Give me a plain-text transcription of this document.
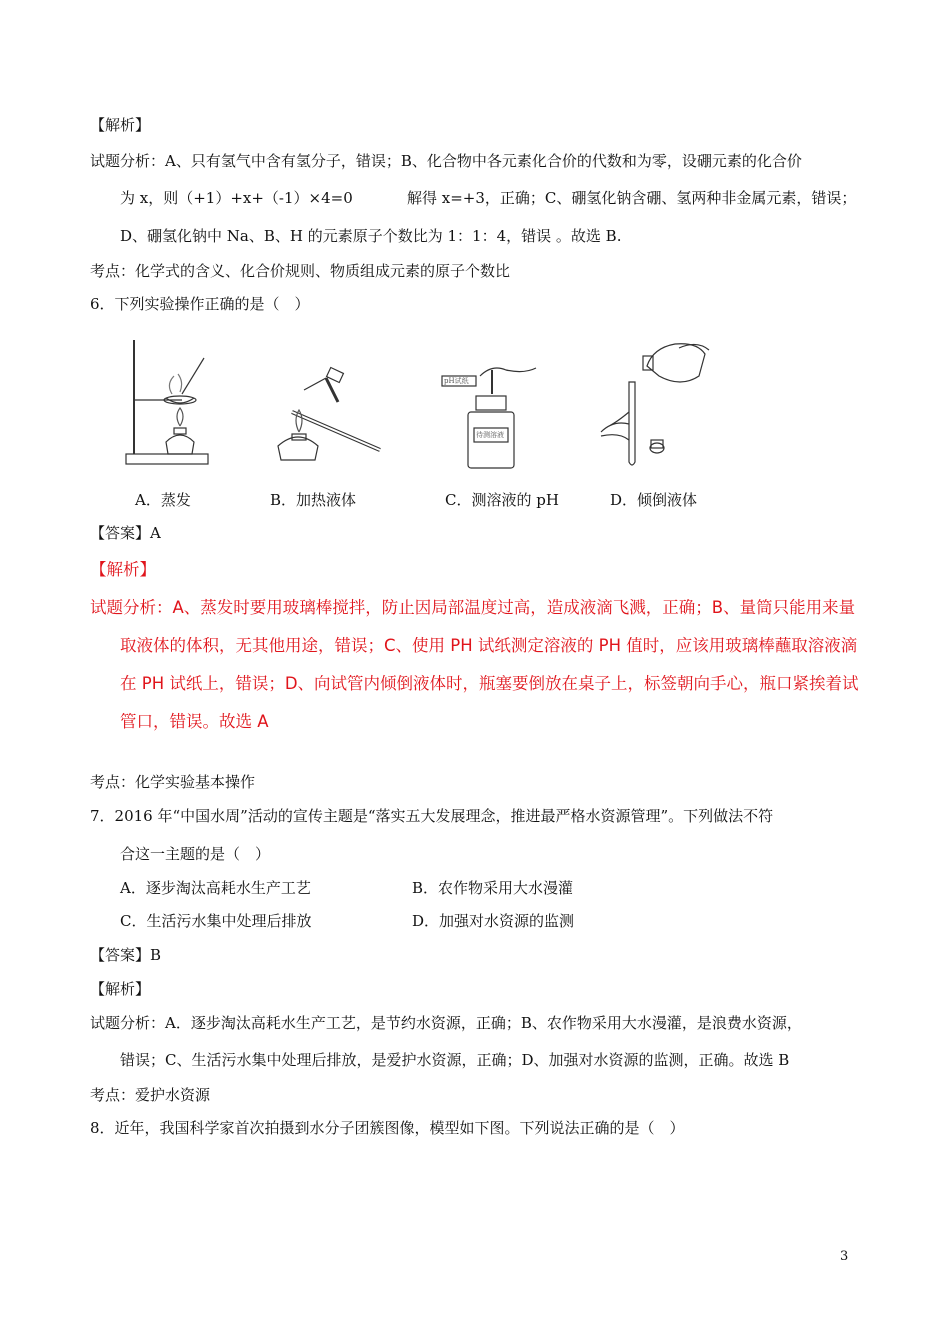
【解析】
试题分析：A、只有氢气中含有氢分子，错误；B、化合物中各元素化合价的代数和为零，设硼元素的化合价
为 x，则（+1）+x+（-1）×4=0	解得 x=+3，正确；C、硼氢化钠含硼、氢两种非金属元素，错误；
D、硼氢化钠中 Na、B、H 的元素原子个数比为 1：1：4，错误 。故选 B.
考点：化学式的含义、化合价规则、物质组成元素的原子个数比
6．下列实验操作正确的是（　）
pH试纸
待测溶液
A．蒸发	B．加热液体	C．测溶液的 pH	D．倾倒液体
【答案】A
【解析】
试题分析：A、蒸发时要用玻璃棒搅拌，防止因局部温度过高，造成液滴飞溅，正确；B、量筒只能用来量
取液体的体积，无其他用途，错误；C、使用 PH 试纸测定溶液的 PH 值时，应该用玻璃棒蘸取溶液滴
在 PH 试纸上，错误；D、向试管内倾倒液体时，瓶塞要倒放在桌子上，标签朝向手心，瓶口紧挨着试
管口，错误。故选 A
考点：化学实验基本操作
7．2016 年“中国水周”活动的宣传主题是“落实五大发展理念，推进最严格水资源管理”。下列做法不符
合这一主题的是（　）
A．逐步淘汰高耗水生产工艺	B．农作物采用大水漫灌
C．生活污水集中处理后排放	D．加强对水资源的监测
【答案】B
【解析】
试题分析：A．逐步淘汰高耗水生产工艺，是节约水资源，正确；B、农作物采用大水漫灌，是浪费水资源，
错误；C、生活污水集中处理后排放，是爱护水资源，正确；D、加强对水资源的监测，正确。故选 B
考点：爱护水资源
8．近年，我国科学家首次拍摄到水分子团簇图像，模型如下图。下列说法正确的是（　）
3
